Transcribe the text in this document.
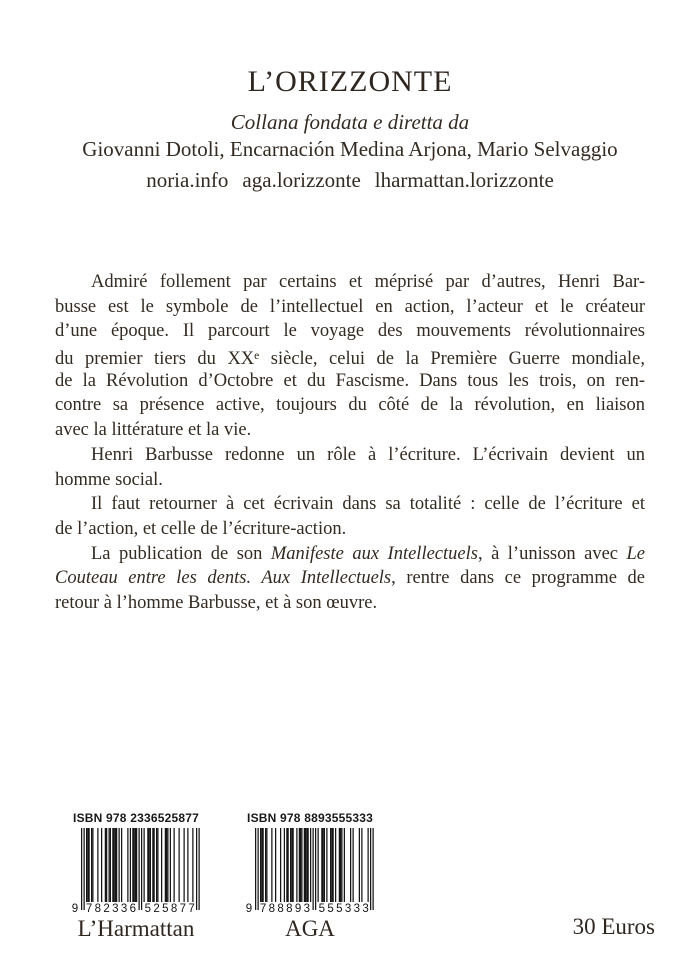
L’ORIZZONTE
Collana fondata e diretta da
Giovanni Dotoli, Encarnación Medina Arjona, Mario Selvaggio
noria.info aga.lorizzonte lharmattan.lorizzonte
Admiré follement par certains et méprisé par d’autres, Henri Bar-
busse est le symbole de l’intellectuel en action, l’acteur et le créateur
d’une époque. Il parcourt le voyage des mouvements révolutionnaires
du premier tiers du XXe siècle, celui de la Première Guerre mondiale,
de la Révolution d’Octobre et du Fascisme. Dans tous les trois, on ren-
contre sa présence active, toujours du côté de la révolution, en liaison
avec la littérature et la vie.
Henri Barbusse redonne un rôle à l’écriture. L’écrivain devient un
homme social.
Il faut retourner à cet écrivain dans sa totalité : celle de l’écriture et
de l’action, et celle de l’écriture-action.
La publication de son Manifeste aux Intellectuels, à l’unisson avec Le
Couteau entre les dents. Aux Intellectuels, rentre dans ce programme de
retour à l’homme Barbusse, et à son œuvre.
ISBN 978 2336525877
9 7 8 2 3 3 6 5 2 5 8 7 7
L’Harmattan
ISBN 978 8893555333
9 7 8 8 8 9 3 5 5 5 3 3 3
AGA	30 Euros
